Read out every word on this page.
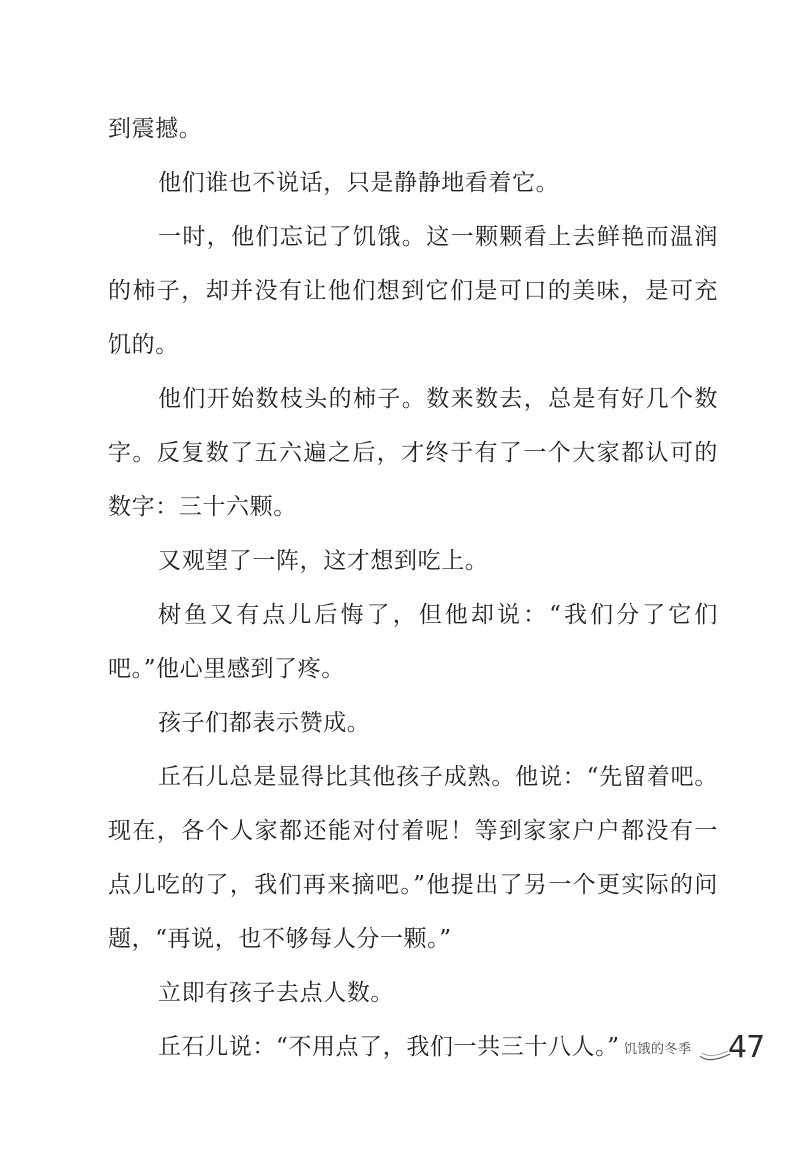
到震撼。

他们谁也不说话，只是静静地看着它。

一时，他们忘记了饥饿。这一颗颗看上去鲜艳而温润的柿子，却并没有让他们想到它们是可口的美味，是可充饥的。

他们开始数枝头的柿子。数来数去，总是有好几个数字。反复数了五六遍之后，才终于有了一个大家都认可的数字：三十六颗。

又观望了一阵，这才想到吃上。

树鱼又有点儿后悔了，但他却说：“我们分了它们吧。”他心里感到了疼。

孩子们都表示赞成。

丘石儿总是显得比其他孩子成熟。他说：“先留着吧。现在，各个人家都还能对付着呢！等到家家户户都没有一点儿吃的了，我们再来摘吧。”他提出了另一个更实际的问题，“再说，也不够每人分一颗。”

立即有孩子去点人数。

丘石儿说：“不用点了，我们一共三十八人。” 饥饿的冬季 47
